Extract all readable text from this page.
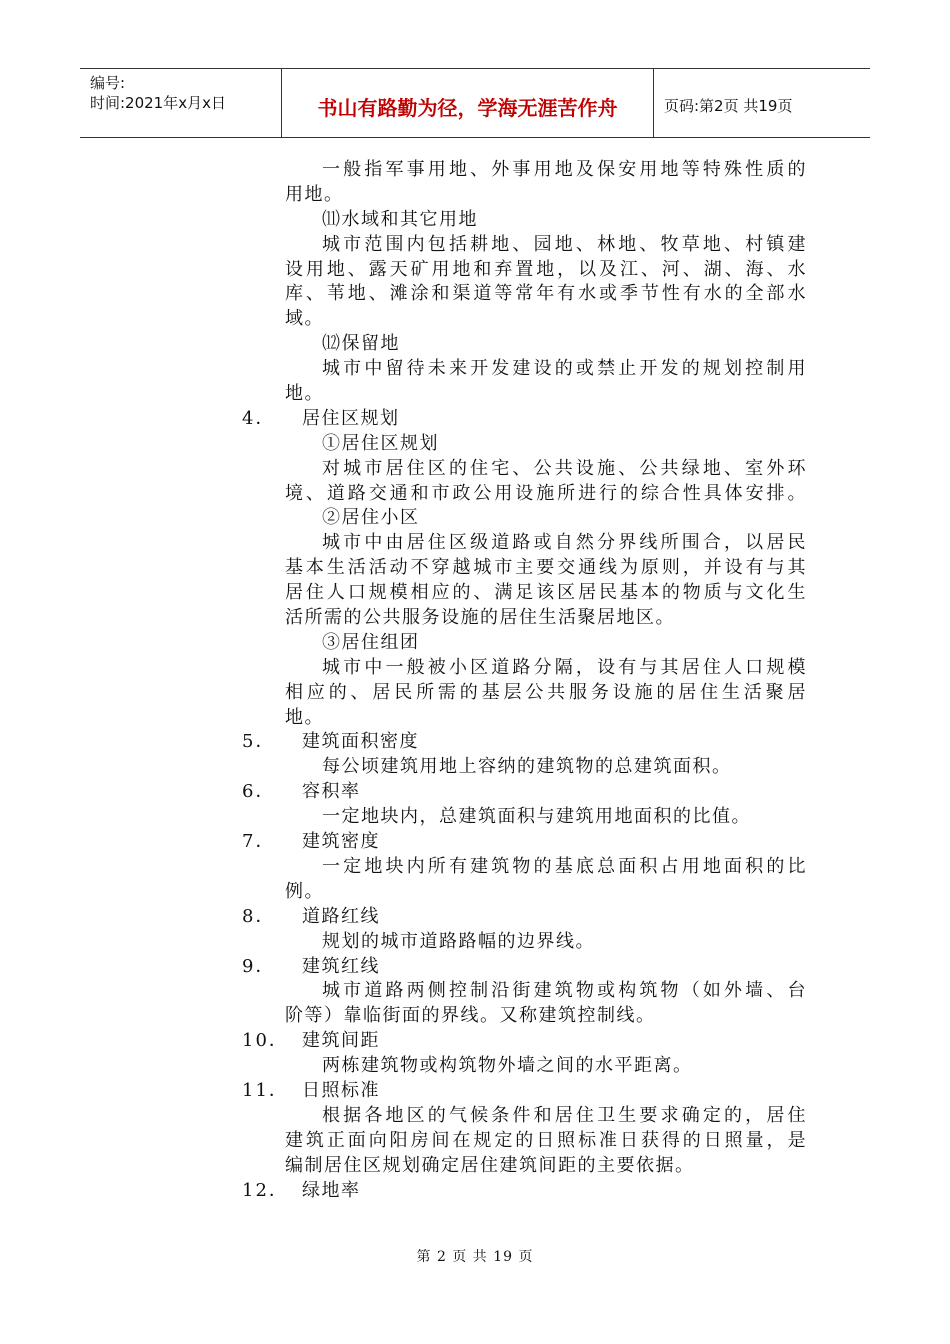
编号:
时间:2021年x月x日	书山有路勤为径，学海无涯苦作舟	页码:第2页 共19页
一般指军事用地、外事用地及保安用地等特殊性质的
用地。
⑾水域和其它用地
城市范围内包括耕地、园地、林地、牧草地、村镇建
设用地、露天矿用地和弃置地，以及江、河、湖、海、水
库、苇地、滩涂和渠道等常年有水或季节性有水的全部水
域。
⑿保留地
城市中留待未来开发建设的或禁止开发的规划控制用
地。
4． 居住区规划
①居住区规划
对城市居住区的住宅、公共设施、公共绿地、室外环
境、道路交通和市政公用设施所进行的综合性具体安排。
②居住小区
城市中由居住区级道路或自然分界线所围合，以居民
基本生活活动不穿越城市主要交通线为原则，并设有与其
居住人口规模相应的、满足该区居民基本的物质与文化生
活所需的公共服务设施的居住生活聚居地区。
③居住组团
城市中一般被小区道路分隔，设有与其居住人口规模
相应的、居民所需的基层公共服务设施的居住生活聚居
地。
5． 建筑面积密度
每公顷建筑用地上容纳的建筑物的总建筑面积。
6． 容积率
一定地块内，总建筑面积与建筑用地面积的比值。
7． 建筑密度
一定地块内所有建筑物的基底总面积占用地面积的比
例。
8． 道路红线
规划的城市道路路幅的边界线。
9． 建筑红线
城市道路两侧控制沿街建筑物或构筑物（如外墙、台
阶等）靠临街面的界线。又称建筑控制线。
10． 建筑间距
两栋建筑物或构筑物外墙之间的水平距离。
11． 日照标准
根据各地区的气候条件和居住卫生要求确定的，居住
建筑正面向阳房间在规定的日照标准日获得的日照量，是
编制居住区规划确定居住建筑间距的主要依据。
12． 绿地率
第 2 页 共 19 页
